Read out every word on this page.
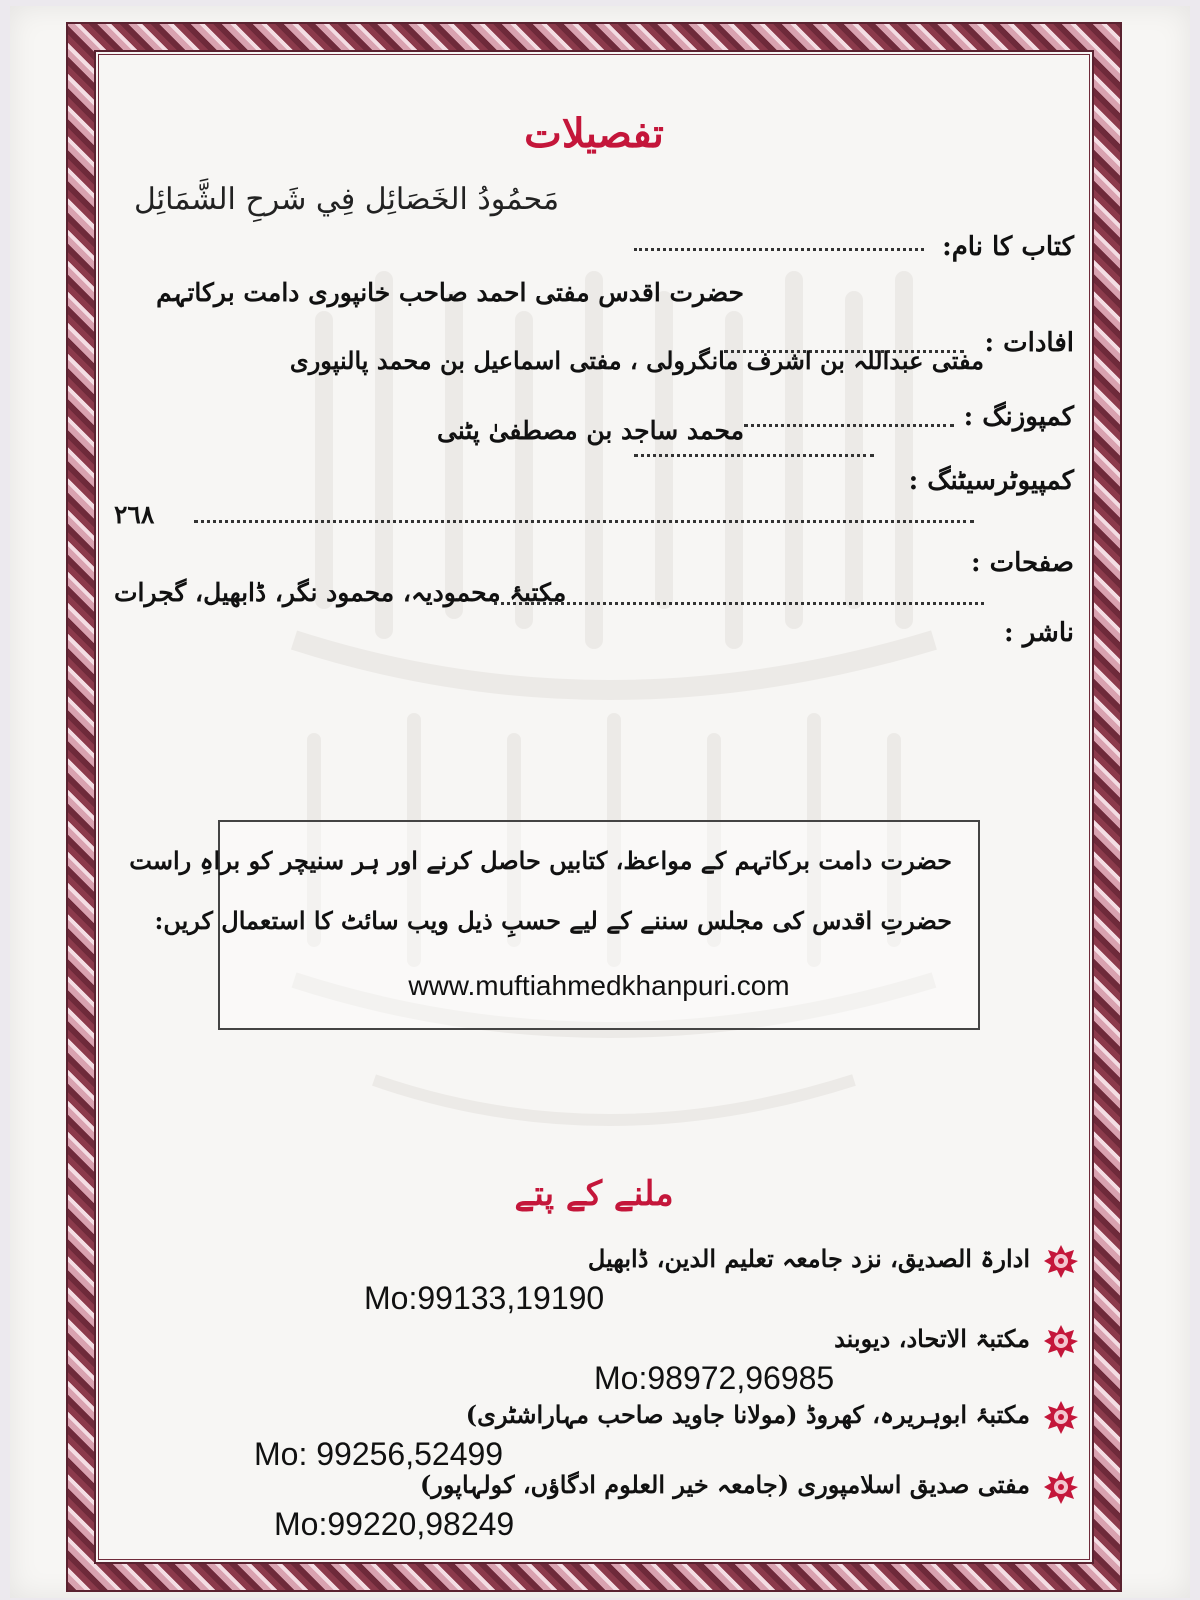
تفصیلات
مَحمُودُ الخَصَائِل فِي شَرحِ الشَّمَائِل
کتاب کا نام:
حضرت اقدس مفتی احمد صاحب خانپوری دامت برکاتہم
افادات :
مفتی عبداللہ بن اشرف مانگرولی ، مفتی اسماعیل بن محمد پالنپوری
کمپوزنگ :
محمد ساجد بن مصطفیٰ پٹنی
کمپیوٹرسیٹنگ :
٢٦٨
صفحات :
مکتبۂ محمودیہ، محمود نگر، ڈابھیل، گجرات
ناشر :
حضرت دامت برکاتہم کے مواعظ، کتابیں حاصل کرنے اور ہر سنیچر کو براہِ راست
حضرتِ اقدس کی مجلس سننے کے لیے حسبِ ذیل ویب سائٹ کا استعمال کریں:
www.muftiahmedkhanpuri.com
ملنے کے پتے
ادارۃ الصدیق، نزد جامعہ تعلیم الدین، ڈابھیل
Mo:99133,19190
مکتبۃ الاتحاد، دیوبند
Mo:98972,96985
مکتبۂ ابوہریرہ، کھروڈ (مولانا جاوید صاحب مہاراشٹری)
Mo: 99256,52499
مفتی صدیق اسلامپوری (جامعہ خیر العلوم ادگاؤں، کولہاپور)
Mo:99220,98249
